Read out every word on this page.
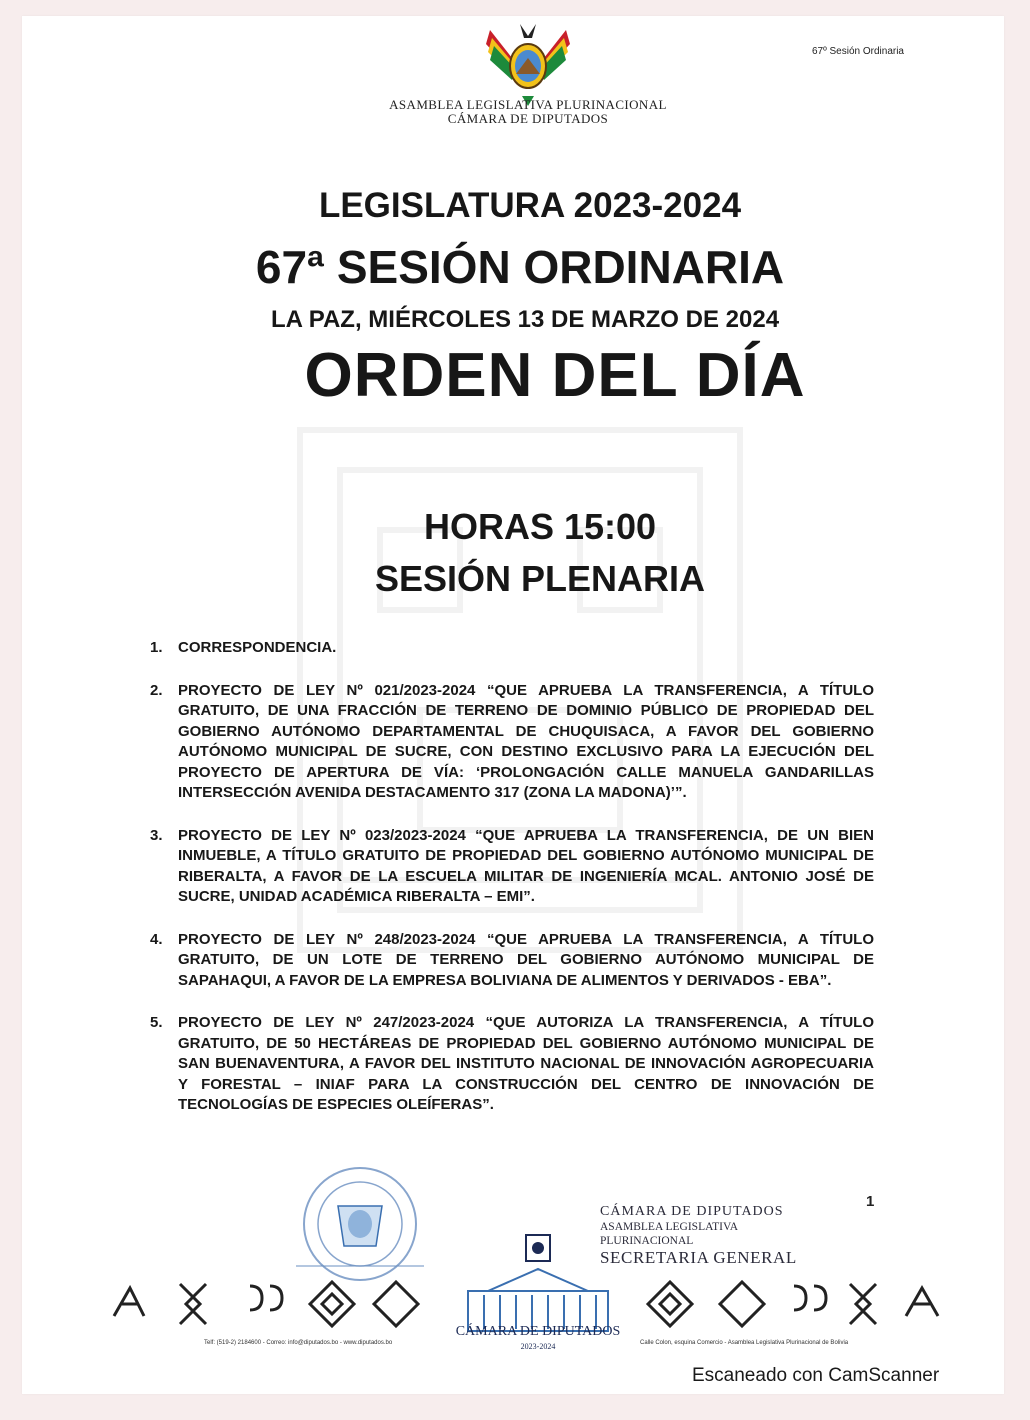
ASAMBLEA LEGISLATIVA PLURINACIONAL
CÁMARA DE DIPUTADOS
67º Sesión Ordinaria
LEGISLATURA 2023-2024
67ª SESIÓN ORDINARIA
LA PAZ, MIÉRCOLES 13 DE MARZO DE 2024
ORDEN DEL DÍA
HORAS 15:00
SESIÓN PLENARIA
1. CORRESPONDENCIA.
2. PROYECTO DE LEY Nº 021/2023-2024 “QUE APRUEBA LA TRANSFERENCIA, A TÍTULO GRATUITO, DE UNA FRACCIÓN DE TERRENO DE DOMINIO PÚBLICO DE PROPIEDAD DEL GOBIERNO AUTÓNOMO DEPARTAMENTAL DE CHUQUISACA, A FAVOR DEL GOBIERNO AUTÓNOMO MUNICIPAL DE SUCRE, CON DESTINO EXCLUSIVO PARA LA EJECUCIÓN DEL PROYECTO DE APERTURA DE VÍA: ‘PROLONGACIÓN CALLE MANUELA GANDARILLAS INTERSECCIÓN AVENIDA DESTACAMENTO 317 (ZONA LA MADONA)’”.
3. PROYECTO DE LEY Nº 023/2023-2024 “QUE APRUEBA LA TRANSFERENCIA, DE UN BIEN INMUEBLE, A TÍTULO GRATUITO DE PROPIEDAD DEL GOBIERNO AUTÓNOMO MUNICIPAL DE RIBERALTA, A FAVOR DE LA ESCUELA MILITAR DE INGENIERÍA MCAL. ANTONIO JOSÉ DE SUCRE, UNIDAD ACADÉMICA RIBERALTA – EMI”.
4. PROYECTO DE LEY Nº 248/2023-2024 “QUE APRUEBA LA TRANSFERENCIA, A TÍTULO GRATUITO, DE UN LOTE DE TERRENO DEL GOBIERNO AUTÓNOMO MUNICIPAL DE SAPAHAQUI, A FAVOR DE LA EMPRESA BOLIVIANA DE ALIMENTOS Y DERIVADOS - EBA”.
5. PROYECTO DE LEY Nº 247/2023-2024 “QUE AUTORIZA LA TRANSFERENCIA, A TÍTULO GRATUITO, DE 50 HECTÁREAS DE PROPIEDAD DEL GOBIERNO AUTÓNOMO MUNICIPAL DE SAN BUENAVENTURA, A FAVOR DEL INSTITUTO NACIONAL DE INNOVACIÓN AGROPECUARIA Y FORESTAL – INIAF PARA LA CONSTRUCCIÓN DEL CENTRO DE INNOVACIÓN DE TECNOLOGÍAS DE ESPECIES OLEÍFERAS”.
1
CÁMARA DE DIPUTADOS
ASAMBLEA LEGISLATIVA PLURINACIONAL
SECRETARIA GENERAL
CÁMARA DE DIPUTADOS
2023-2024
Telf: (519-2) 2184600 - Correo: info@diputados.bo - www.diputados.bo	Calle Colon, esquina Comercio - Asamblea Legislativa Plurinacional de Bolivia
Escaneado con CamScanner
